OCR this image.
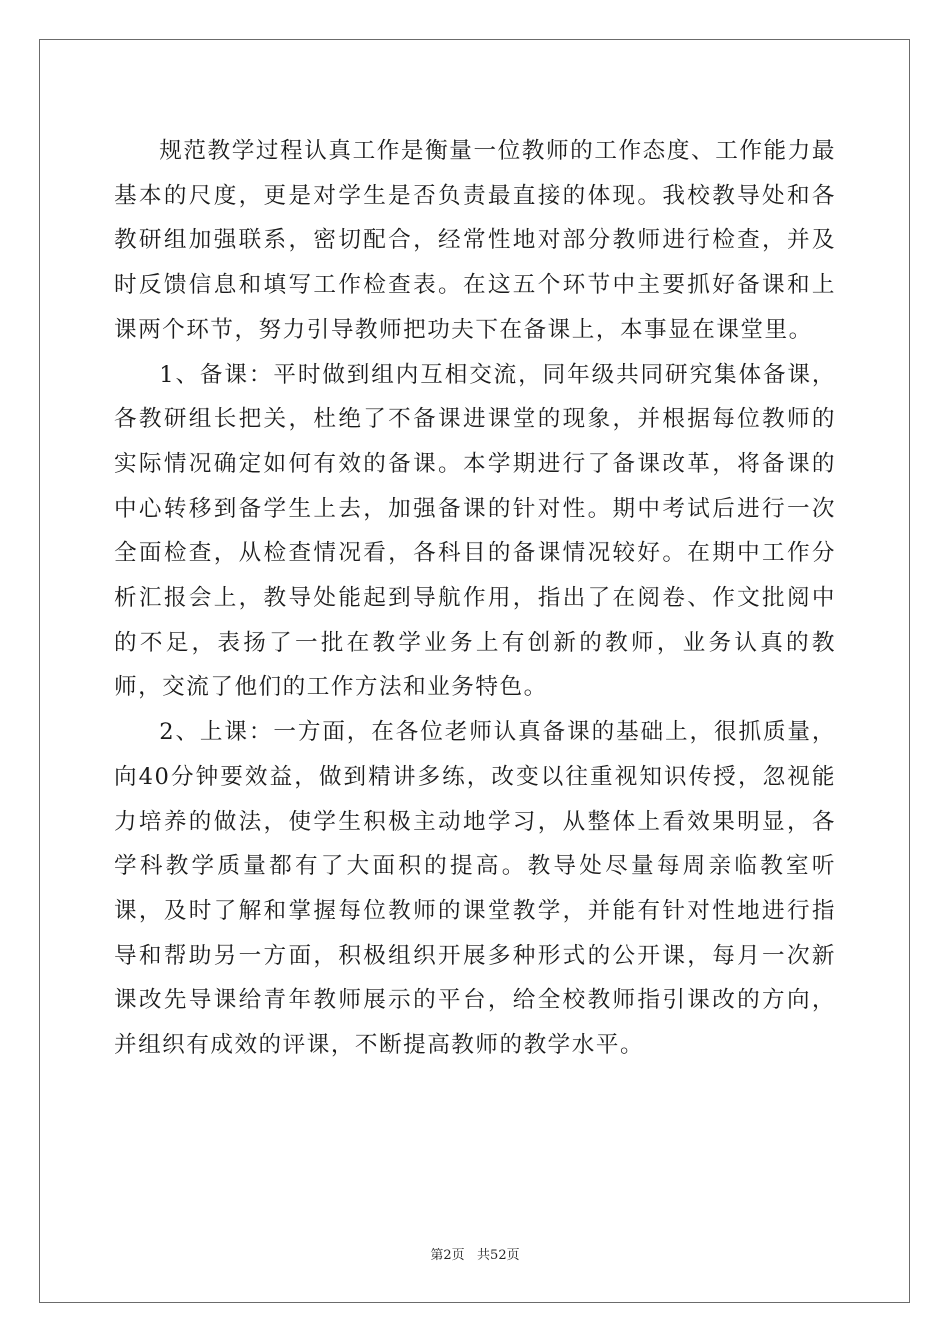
规范教学过程认真工作是衡量一位教师的工作态度、工作能力最基本的尺度，更是对学生是否负责最直接的体现。我校教导处和各教研组加强联系，密切配合，经常性地对部分教师进行检查，并及时反馈信息和填写工作检查表。在这五个环节中主要抓好备课和上课两个环节，努力引导教师把功夫下在备课上，本事显在课堂里。

1、备课：平时做到组内互相交流，同年级共同研究集体备课，各教研组长把关，杜绝了不备课进课堂的现象，并根据每位教师的实际情况确定如何有效的备课。本学期进行了备课改革，将备课的中心转移到备学生上去，加强备课的针对性。期中考试后进行一次全面检查，从检查情况看，各科目的备课情况较好。在期中工作分析汇报会上，教导处能起到导航作用，指出了在阅卷、作文批阅中的不足，表扬了一批在教学业务上有创新的教师，业务认真的教师，交流了他们的工作方法和业务特色。

2、上课：一方面，在各位老师认真备课的基础上，很抓质量，向40分钟要效益，做到精讲多练，改变以往重视知识传授，忽视能力培养的做法，使学生积极主动地学习，从整体上看效果明显，各学科教学质量都有了大面积的提高。教导处尽量每周亲临教室听课，及时了解和掌握每位教师的课堂教学，并能有针对性地进行指导和帮助另一方面，积极组织开展多种形式的公开课，每月一次新课改先导课给青年教师展示的平台，给全校教师指引课改的方向，并组织有成效的评课，不断提高教师的教学水平。

第2页   共52页
